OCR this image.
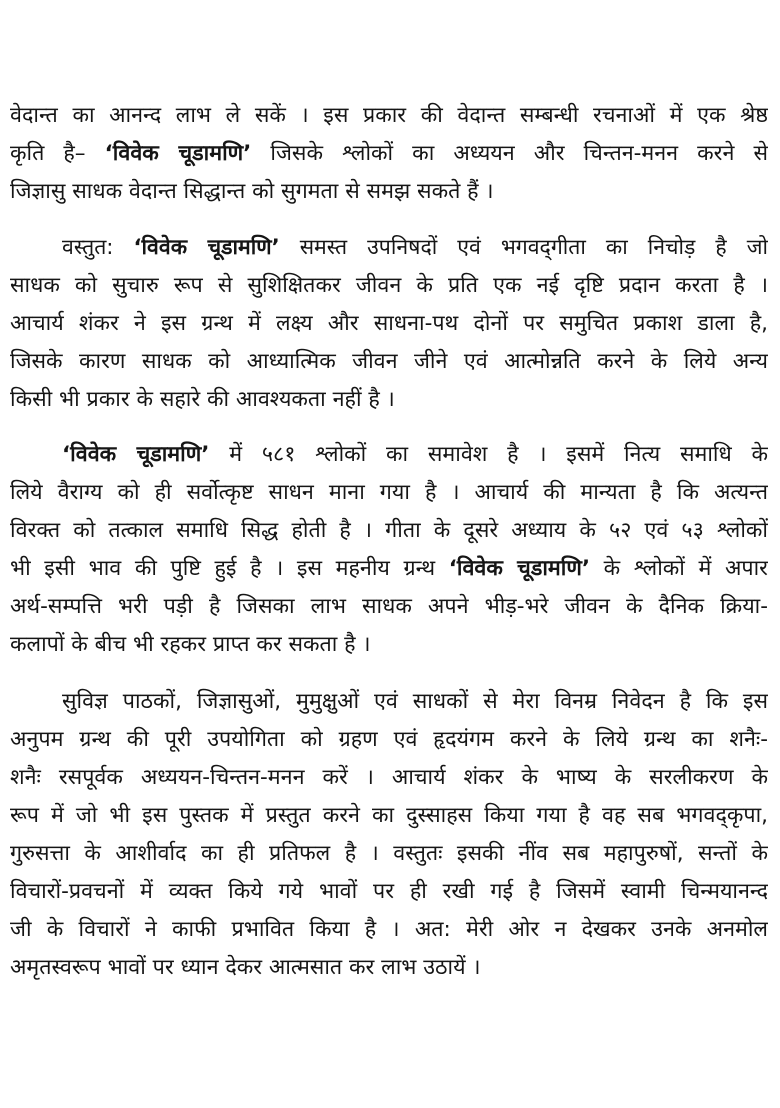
वेदान्त का आनन्द लाभ ले सकें । इस प्रकार की वेदान्त सम्बन्धी रचनाओं में एक श्रेष्ठ
कृति है– ‘विवेक चूडामणि’ जिसके श्लोकों का अध्ययन और चिन्तन-मनन करने से
जिज्ञासु साधक वेदान्त सिद्धान्त को सुगमता से समझ सकते हैं ।

वस्तुत: ‘विवेक चूडामणि’ समस्त उपनिषदों एवं भगवद्‌गीता का निचोड़ है जो
साधक को सुचारु रूप से सुशिक्षितकर जीवन के प्रति एक नई दृष्टि प्रदान करता है ।
आचार्य शंकर ने इस ग्रन्थ में लक्ष्य और साधना-पथ दोनों पर समुचित प्रकाश डाला है,
जिसके कारण साधक को आध्यात्मिक जीवन जीने एवं आत्मोन्नति करने के लिये अन्य
किसी भी प्रकार के सहारे की आवश्यकता नहीं है ।

‘विवेक चूडामणि’ में ५८१ श्लोकों का समावेश है । इसमें नित्य समाधि के
लिये वैराग्य को ही सर्वोत्कृष्ट साधन माना गया है । आचार्य की मान्यता है कि अत्यन्त
विरक्त को तत्काल समाधि सिद्ध होती है । गीता के दूसरे अध्याय के ५२ एवं ५३ श्लोकों
भी इसी भाव की पुष्टि हुई है । इस महनीय ग्रन्थ ‘विवेक चूडामणि’ के श्लोकों में अपार
अर्थ-सम्पत्ति भरी पड़ी है जिसका लाभ साधक अपने भीड़-भरे जीवन के दैनिक क्रिया-
कलापों के बीच भी रहकर प्राप्त कर सकता है ।

सुविज्ञ पाठकों, जिज्ञासुओं, मुमुक्षुओं एवं साधकों से मेरा विनम्र निवेदन है कि इस
अनुपम ग्रन्थ की पूरी उपयोगिता को ग्रहण एवं हृदयंगम करने के लिये ग्रन्थ का शनैः-
शनैः रसपूर्वक अध्ययन-चिन्तन-मनन करें । आचार्य शंकर के भाष्य के सरलीकरण के
रूप में जो भी इस पुस्तक में प्रस्तुत करने का दुस्साहस किया गया है वह सब भगवद्कृपा,
गुरुसत्ता के आशीर्वाद का ही प्रतिफल है । वस्तुतः इसकी नींव सब महापुरुषों, सन्तों के
विचारों-प्रवचनों में व्यक्त किये गये भावों पर ही रखी गई है जिसमें स्वामी चिन्मयानन्द
जी के विचारों ने काफी प्रभावित किया है । अत: मेरी ओर न देखकर उनके अनमोल
अमृतस्वरूप भावों पर ध्यान देकर आत्मसात कर लाभ उठायें ।
